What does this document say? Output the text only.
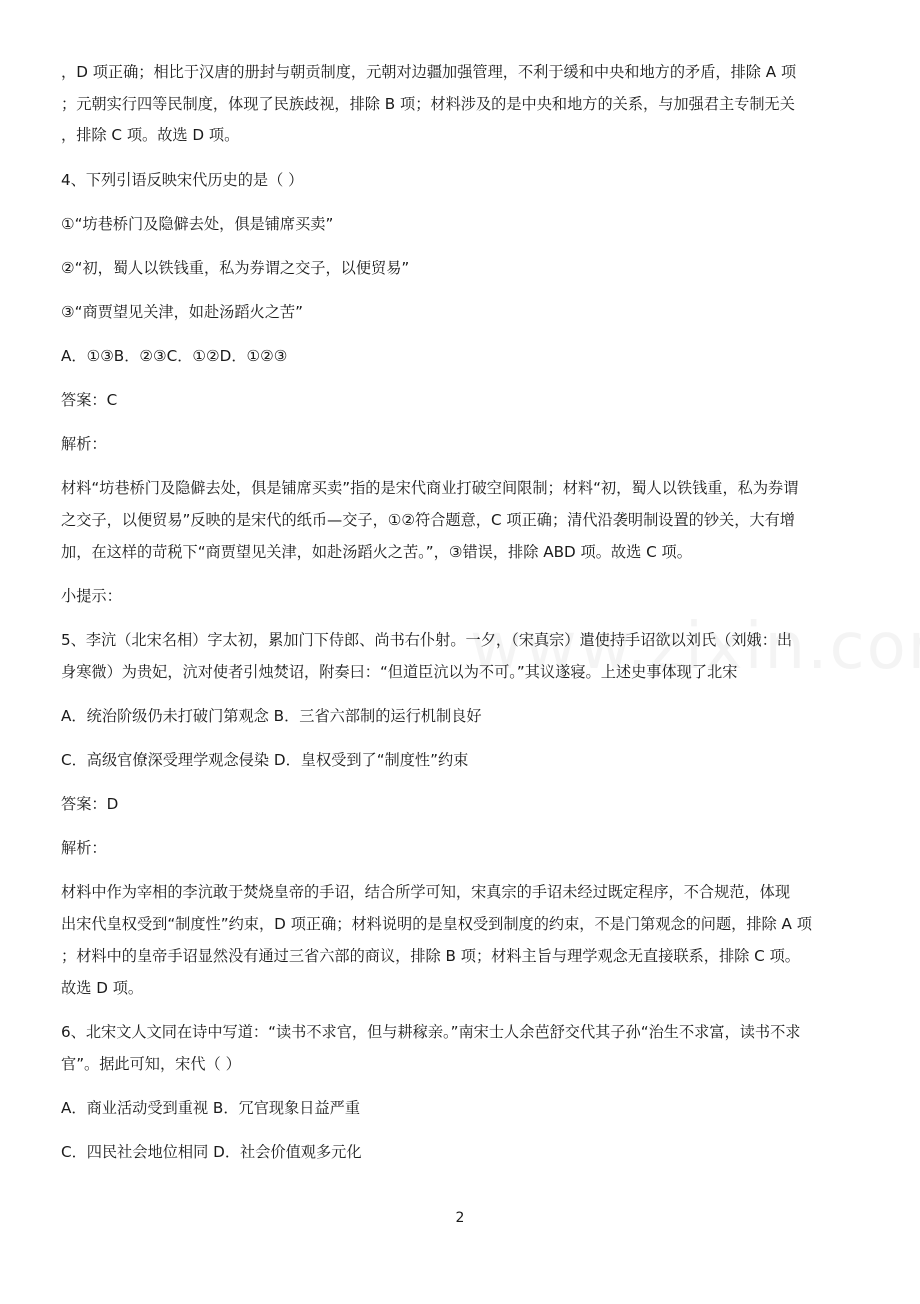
，D 项正确；相比于汉唐的册封与朝贡制度，元朝对边疆加强管理，不利于缓和中央和地方的矛盾，排除 A 项
；元朝实行四等民制度，体现了民族歧视，排除 B 项；材料涉及的是中央和地方的关系，与加强君主专制无关
，排除 C 项。故选 D 项。
4、下列引语反映宋代历史的是（ ）
①“坊巷桥门及隐僻去处，俱是铺席买卖”
②“初，蜀人以铁钱重，私为券谓之交子，以便贸易”
③“商贾望见关津，如赴汤蹈火之苦”
A．①③B．②③C．①②D．①②③
答案：C
解析：
材料“坊巷桥门及隐僻去处，俱是铺席买卖”指的是宋代商业打破空间限制；材料“初，蜀人以铁钱重，私为券谓
之交子，以便贸易”反映的是宋代的纸币—交子，①②符合题意，C 项正确；清代沿袭明制设置的钞关，大有增
加，在这样的苛税下“商贾望见关津，如赴汤蹈火之苦。”，③错误，排除 ABD 项。故选 C 项。
小提示：
5、李沆（北宋名相）字太初，累加门下侍郎、尚书右仆射。一夕，（宋真宗）遣使持手诏欲以刘氏（刘娥：出
身寒微）为贵妃，沆对使者引烛焚诏，附奏曰：“但道臣沆以为不可。”其议遂寝。上述史事体现了北宋
A．统治阶级仍未打破门第观念 B．三省六部制的运行机制良好
C．高级官僚深受理学观念侵染 D．皇权受到了“制度性”约束
答案：D
解析：
材料中作为宰相的李沆敢于焚烧皇帝的手诏，结合所学可知，宋真宗的手诏未经过既定程序，不合规范，体现
出宋代皇权受到“制度性”约束，D 项正确；材料说明的是皇权受到制度的约束，不是门第观念的问题，排除 A 项
；材料中的皇帝手诏显然没有通过三省六部的商议，排除 B 项；材料主旨与理学观念无直接联系，排除 C 项。
故选 D 项。
6、北宋文人文同在诗中写道：“读书不求官，但与耕稼亲。”南宋士人余芭舒交代其子孙“治生不求富，读书不求
官”。据此可知，宋代（ ）
A．商业活动受到重视 B．冗官现象日益严重
C．四民社会地位相同 D．社会价值观多元化
2
